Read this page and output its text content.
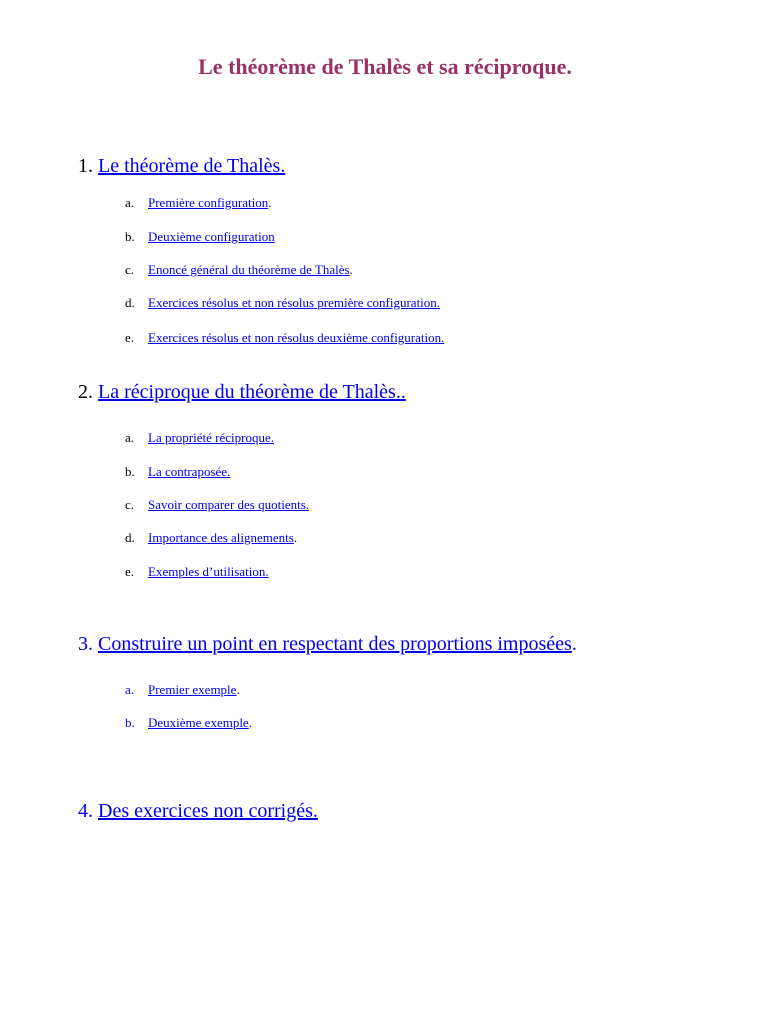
Le théorème de Thalès et sa réciproque.
1. Le théorème de Thalès.
a. Première configuration.
b. Deuxième configuration
c. Enoncé général du théorème de Thalès.
d. Exercices résolus et non résolus première configuration.
e. Exercices résolus et non résolus deuxième configuration.
2. La réciproque du théorème de Thalès..
a. La propriété réciproque.
b. La contraposée.
c. Savoir comparer des quotients.
d. Importance des alignements.
e. Exemples d’utilisation.
3. Construire un point en respectant des proportions imposées.
a. Premier exemple.
b. Deuxième exemple.
4. Des exercices non corrigés.
